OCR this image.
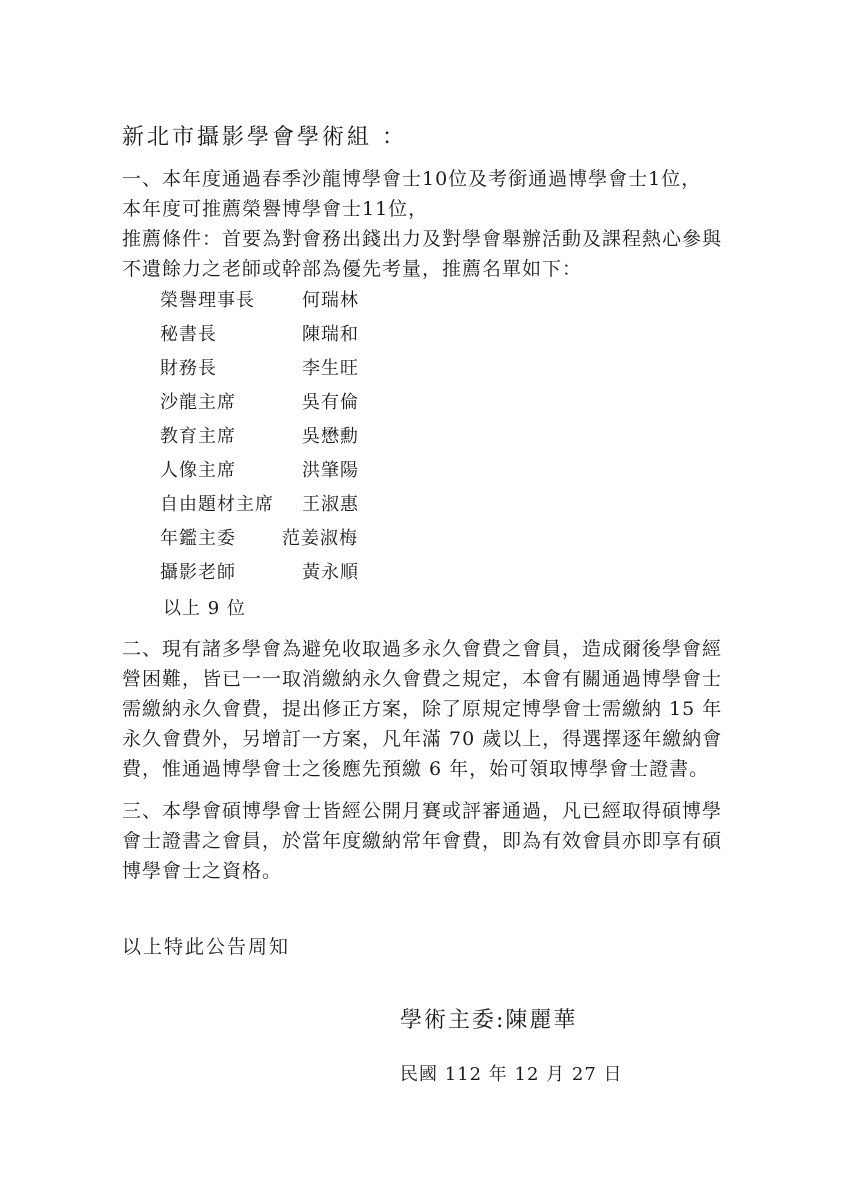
新北市攝影學會學術組 ：
一、本年度通過春季沙龍博學會士10位及考銜通過博學會士1位，
本年度可推薦榮譽博學會士11位，
推薦條件：首要為對會務出錢出力及對學會舉辦活動及課程熱心參與
不遺餘力之老師或幹部為優先考量，推薦名單如下：
榮譽理事長	何瑞林
秘書長	陳瑞和
財務長	李生旺
沙龍主席	吳有倫
教育主席	吳懋勳
人像主席	洪肇陽
自由題材主席 王淑惠
年鑑主委	范姜淑梅
攝影老師	黃永順
以上 9 位
二、現有諸多學會為避免收取過多永久會費之會員，造成爾後學會經
營困難，皆已一一取消繳納永久會費之規定，本會有關通過博學會士
需繳納永久會費，提出修正方案，除了原規定博學會士需繳納 15 年
永久會費外，另增訂一方案，凡年滿 70 歲以上，得選擇逐年繳納會
費，惟通過博學會士之後應先預繳 6 年，始可領取博學會士證書。
三、本學會碩博學會士皆經公開月賽或評審通過，凡已經取得碩博學
會士證書之會員，於當年度繳納常年會費，即為有效會員亦即享有碩
博學會士之資格。
以上特此公告周知
學術主委:陳麗華
民國 112 年 12 月 27 日
